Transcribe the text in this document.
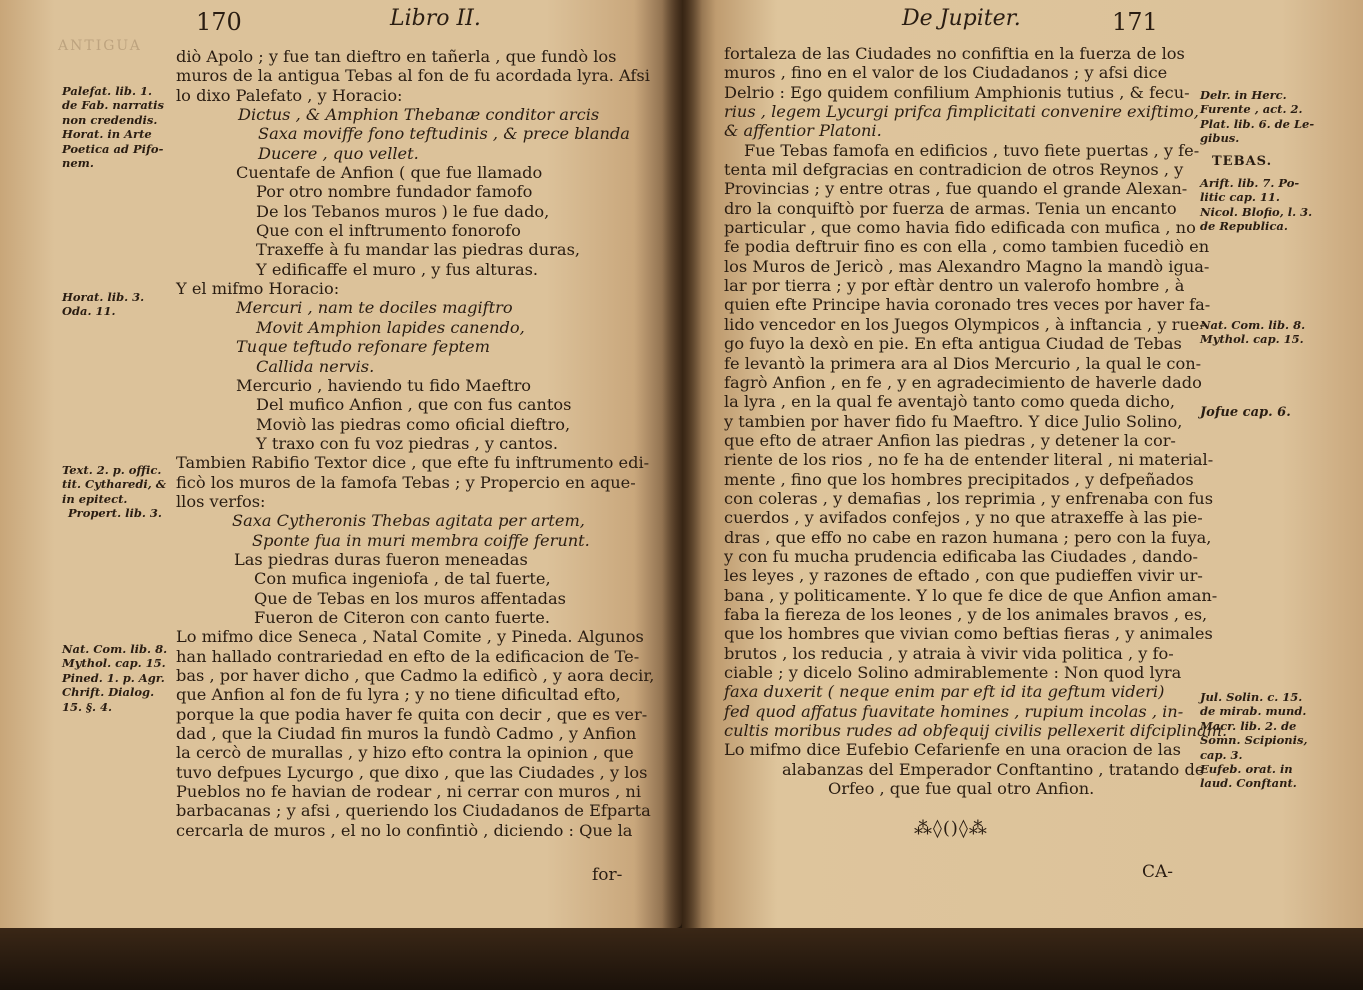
ANTIGUA
170	Libro II.
Palefat. lib. 1.
de Fab. narratis
non credendis.
Horat. in Arte
Poetica ad Pifo-
nem.
Horat. lib. 3.
Oda. 11.
Text. 2. p. offic.
tit. Cytharedi, &
in epitect.
Propert. lib. 3.
Nat. Com. lib. 8.
Mythol. cap. 15.
Pined. 1. p. Agr.
Chrift. Dialog.
15. §. 4.
diò Apolo ; y fue tan dieftro en tañerla , que fundò los
muros de la antigua Tebas al fon de fu acordada lyra. Afsi
lo dixo Palefato , y Horacio:
Dictus , & Amphion Thebanæ conditor arcis
Saxa moviffe fono teftudinis , & prece blanda
Ducere , quo vellet.
Cuentafe de Anfion ( que fue llamado
Por otro nombre fundador famofo
De los Tebanos muros ) le fue dado,
Que con el inftrumento fonorofo
Traxeffe à fu mandar las piedras duras,
Y edificaffe el muro , y fus alturas.
Y el mifmo Horacio:
Mercuri , nam te dociles magiftro
Movit Amphion lapides canendo,
Tuque teftudo refonare feptem
Callida nervis.
Mercurio , haviendo tu fido Maeftro
Del mufico Anfion , que con fus cantos
Moviò las piedras como oficial dieftro,
Y traxo con fu voz piedras , y cantos.
Tambien Rabifio Textor dice , que efte fu inftrumento edi-
ficò los muros de la famofa Tebas ; y Propercio en aque-
llos verfos:
Saxa Cytheronis Thebas agitata per artem,
Sponte fua in muri membra coiffe ferunt.
Las piedras duras fueron meneadas
Con mufica ingeniofa , de tal fuerte,
Que de Tebas en los muros affentadas
Fueron de Citeron con canto fuerte.
Lo mifmo dice Seneca , Natal Comite , y Pineda. Algunos
han hallado contrariedad en efto de la edificacion de Te-
bas , por haver dicho , que Cadmo la edificò , y aora decir,
que Anfion al fon de fu lyra ; y no tiene dificultad efto,
porque la que podia haver fe quita con decir , que es ver-
dad , que la Ciudad fin muros la fundò Cadmo , y Anfion
la cercò de murallas , y hizo efto contra la opinion , que
tuvo defpues Lycurgo , que dixo , que las Ciudades , y los
Pueblos no fe havian de rodear , ni cerrar con muros , ni
barbacanas ; y afsi , queriendo los Ciudadanos de Efparta
cercarla de muros , el no lo confintiò , diciendo : Que la
for-
De Jupiter.	171
fortaleza de las Ciudades no confiftia en la fuerza de los
muros , fino en el valor de los Ciudadanos ; y afsi dice
Delrio : Ego quidem confilium Amphionis tutius , & fecu-
rius , legem Lycurgi prifca fimplicitati convenire exiftimo,
& affentior Platoni.
Fue Tebas famofa en edificios , tuvo fiete puertas , y fe-
tenta mil defgracias en contradicion de otros Reynos , y
Provincias ; y entre otras , fue quando el grande Alexan-
dro la conquiftò por fuerza de armas. Tenia un encanto
particular , que como havia fido edificada con mufica , no
fe podia deftruir fino es con ella , como tambien fucediò en
los Muros de Jericò , mas Alexandro Magno la mandò igua-
lar por tierra ; y por eftàr dentro un valerofo hombre , à
quien efte Principe havia coronado tres veces por haver fa-
lido vencedor en los Juegos Olympicos , à inftancia , y rue-
go fuyo la dexò en pie. En efta antigua Ciudad de Tebas
fe levantò la primera ara al Dios Mercurio , la qual le con-
fagrò Anfion , en fe , y en agradecimiento de haverle dado
la lyra , en la qual fe aventajò tanto como queda dicho,
y tambien por haver fido fu Maeftro. Y dice Julio Solino,
que efto de atraer Anfion las piedras , y detener la cor-
riente de los rios , no fe ha de entender literal , ni material-
mente , fino que los hombres precipitados , y defpeñados
con coleras , y demafias , los reprimia , y enfrenaba con fus
cuerdos , y avifados confejos , y no que atraxeffe à las pie-
dras , que effo no cabe en razon humana ; pero con la fuya,
y con fu mucha prudencia edificaba las Ciudades , dando-
les leyes , y razones de eftado , con que pudieffen vivir ur-
bana , y politicamente. Y lo que fe dice de que Anfion aman-
faba la fiereza de los leones , y de los animales bravos , es,
que los hombres que vivian como beftias fieras , y animales
brutos , los reducia , y atraia à vivir vida politica , y fo-
ciable ; y dicelo Solino admirablemente : Non quod lyra
faxa duxerit ( neque enim par eft id ita geftum videri)
fed quod affatus fuavitate homines , rupium incolas , in-
cultis moribus rudes ad obfequij civilis pellexerit difciplinam.
Lo mifmo dice Eufebio Cefarienfe en una oracion de las
alabanzas del Emperador Conftantino , tratando de
Orfeo , que fue qual otro Anfion.
⁂◊()◊⁂
CA-
Delr. in Herc.
Furente , act. 2.
Plat. lib. 6. de Le-
gibus.
TEBAS.
Arift. lib. 7. Po-
litic cap. 11.
Nicol. Blofio, l. 3.
de Republica.
Nat. Com. lib. 8.
Mythol. cap. 15.
Jofue cap. 6.
Jul. Solin. c. 15.
de mirab. mund.
Macr. lib. 2. de
Somn. Scipionis,
cap. 3.
Eufeb. orat. in
laud. Conftant.
